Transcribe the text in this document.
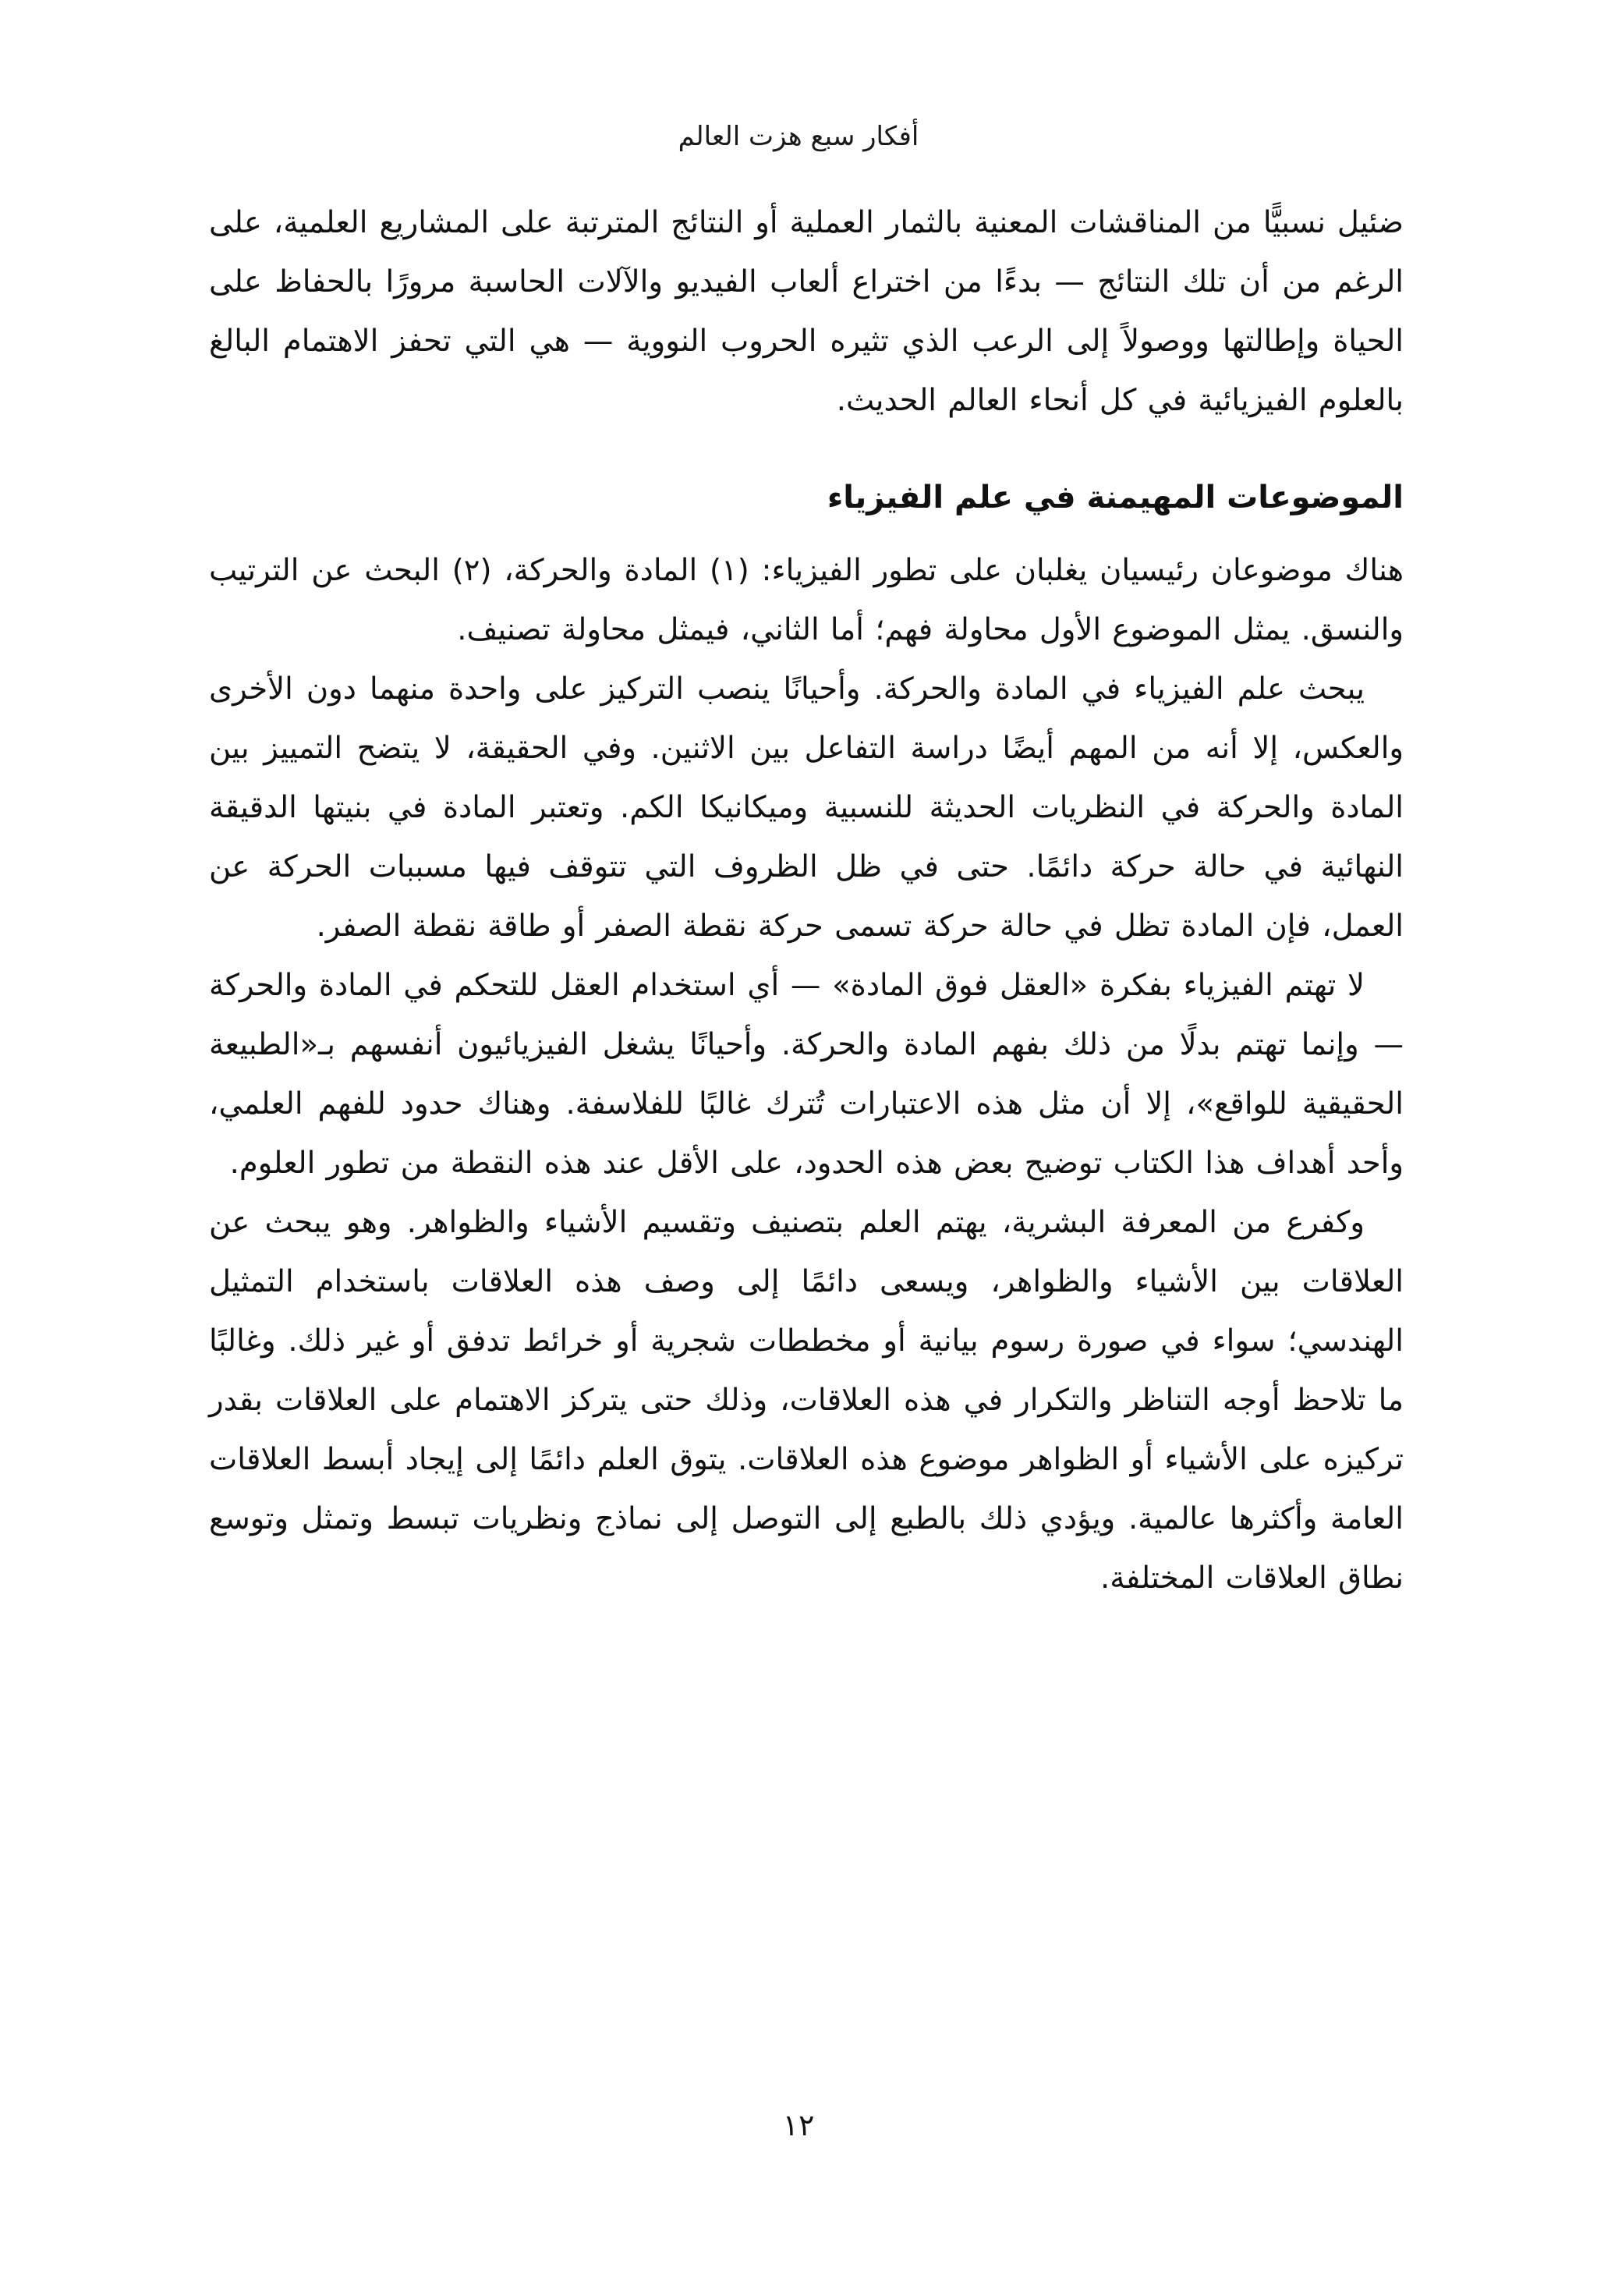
أفكار سبع هزت العالم

ضئيل نسبيًّا من المناقشات المعنية بالثمار العملية أو النتائج المترتبة على المشاريع العلمية، على الرغم من أن تلك النتائج — بدءًا من اختراع ألعاب الفيديو والآلات الحاسبة مرورًا بالحفاظ على الحياة وإطالتها ووصولاً إلى الرعب الذي تثيره الحروب النووية — هي التي تحفز الاهتمام البالغ بالعلوم الفيزيائية في كل أنحاء العالم الحديث.

الموضوعات المهيمنة في علم الفيزياء

هناك موضوعان رئيسيان يغلبان على تطور الفيزياء: (١) المادة والحركة، (٢) البحث عن الترتيب والنسق. يمثل الموضوع الأول محاولة فهم؛ أما الثاني، فيمثل محاولة تصنيف.

يبحث علم الفيزياء في المادة والحركة. وأحيانًا ينصب التركيز على واحدة منهما دون الأخرى والعكس، إلا أنه من المهم أيضًا دراسة التفاعل بين الاثنين. وفي الحقيقة، لا يتضح التمييز بين المادة والحركة في النظريات الحديثة للنسبية وميكانيكا الكم. وتعتبر المادة في بنيتها الدقيقة النهائية في حالة حركة دائمًا. حتى في ظل الظروف التي تتوقف فيها مسببات الحركة عن العمل، فإن المادة تظل في حالة حركة تسمى حركة نقطة الصفر أو طاقة نقطة الصفر.

لا تهتم الفيزياء بفكرة «العقل فوق المادة» — أي استخدام العقل للتحكم في المادة والحركة — وإنما تهتم بدلًا من ذلك بفهم المادة والحركة. وأحيانًا يشغل الفيزيائيون أنفسهم بـ«الطبيعة الحقيقية للواقع»، إلا أن مثل هذه الاعتبارات تُترك غالبًا للفلاسفة. وهناك حدود للفهم العلمي، وأحد أهداف هذا الكتاب توضيح بعض هذه الحدود، على الأقل عند هذه النقطة من تطور العلوم.

وكفرع من المعرفة البشرية، يهتم العلم بتصنيف وتقسيم الأشياء والظواهر. وهو يبحث عن العلاقات بين الأشياء والظواهر، ويسعى دائمًا إلى وصف هذه العلاقات باستخدام التمثيل الهندسي؛ سواء في صورة رسوم بيانية أو مخططات شجرية أو خرائط تدفق أو غير ذلك. وغالبًا ما تلاحظ أوجه التناظر والتكرار في هذه العلاقات، وذلك حتى يتركز الاهتمام على العلاقات بقدر تركيزه على الأشياء أو الظواهر موضوع هذه العلاقات. يتوق العلم دائمًا إلى إيجاد أبسط العلاقات العامة وأكثرها عالمية. ويؤدي ذلك بالطبع إلى التوصل إلى نماذج ونظريات تبسط وتمثل وتوسع نطاق العلاقات المختلفة.

١٢
